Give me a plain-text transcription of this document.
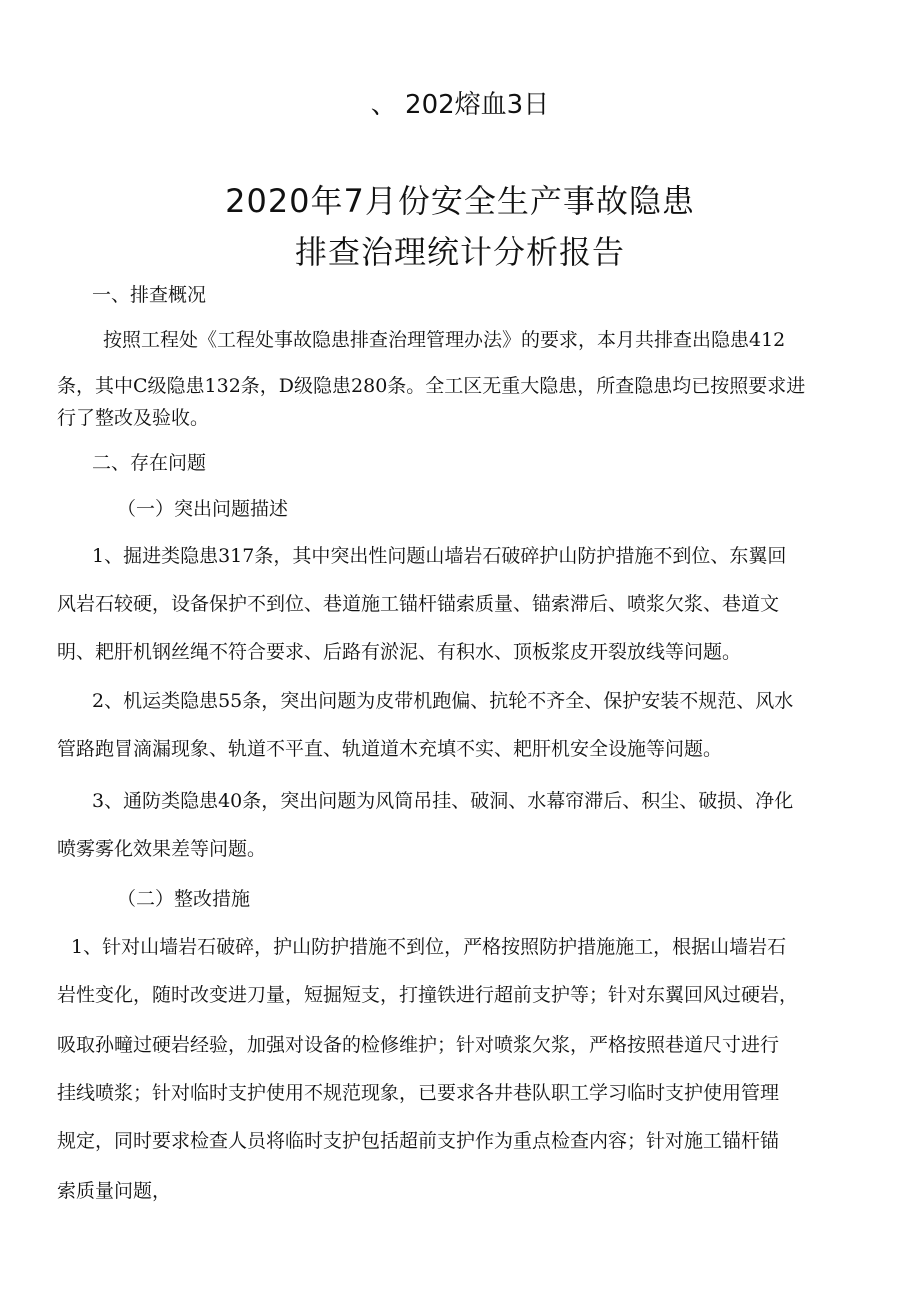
、 202熔血3日
2020年7月份安全生产事故隐患
排查治理统计分析报告
一、排查概况
按照工程处《工程处事故隐患排查治理管理办法》的要求，本月共排查出隐患412
条，其中C级隐患132条，D级隐患280条。全工区无重大隐患，所查隐患均已按照要求进
行了整改及验收。
二、存在问题
（一）突出问题描述
1、掘进类隐患317条，其中突出性问题山墙岩石破碎护山防护措施不到位、东翼回
风岩石较硬，设备保护不到位、巷道施工锚杆锚索质量、锚索滞后、喷浆欠浆、巷道文
明、耙肝机钢丝绳不符合要求、后路有淤泥、有积水、顶板浆皮开裂放线等问题。
2、机运类隐患55条，突出问题为皮带机跑偏、抗轮不齐全、保护安装不规范、风水
管路跑冒滴漏现象、轨道不平直、轨道道木充填不实、耙肝机安全设施等问题。
3、通防类隐患40条，突出问题为风筒吊挂、破洞、水幕帘滞后、积尘、破损、净化
喷雾雾化效果差等问题。
（二）整改措施
1、针对山墙岩石破碎，护山防护措施不到位，严格按照防护措施施工，根据山墙岩石
岩性变化，随时改变进刀量，短掘短支，打撞铁进行超前支护等；针对东翼回风过硬岩，
吸取孙疃过硬岩经验，加强对设备的检修维护；针对喷浆欠浆，严格按照巷道尺寸进行
挂线喷浆；针对临时支护使用不规范现象，已要求各井巷队职工学习临时支护使用管理
规定，同时要求检查人员将临时支护包括超前支护作为重点检查内容；针对施工锚杆锚
索质量问题，
